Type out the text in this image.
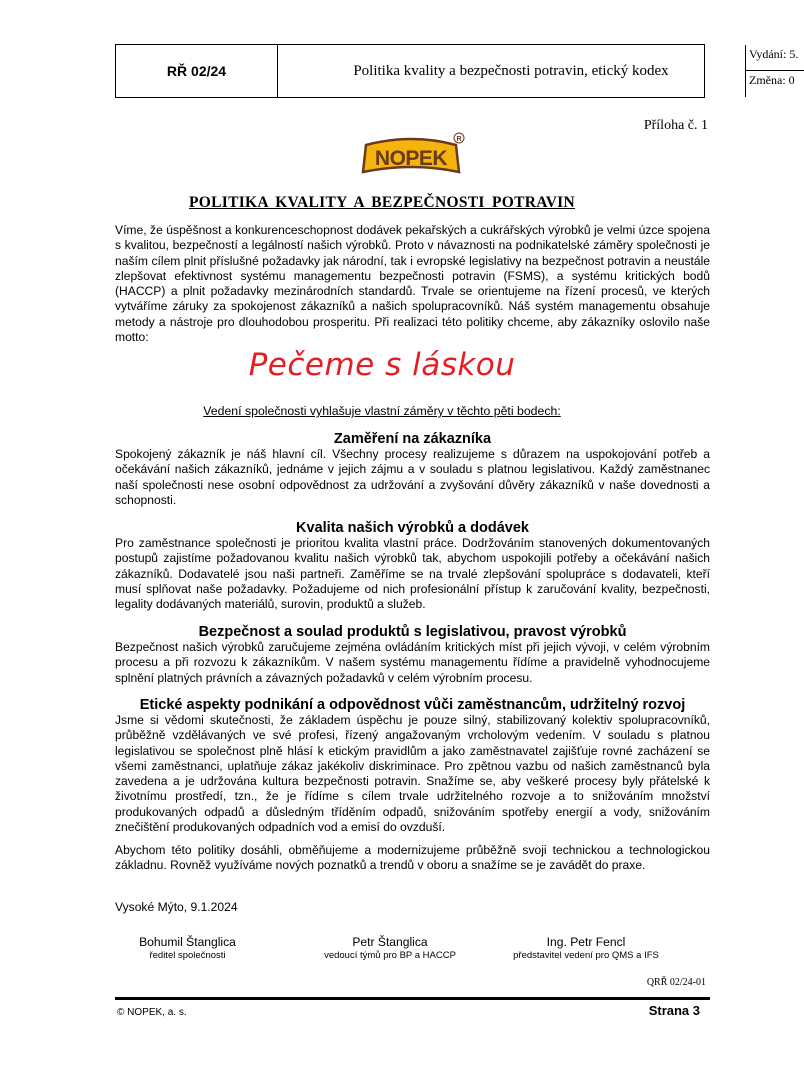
RŘ 02/24	Politika kvality a bezpečnosti potravin, etický kodex
Vydání: 5.
Změna: 0
Příloha č. 1
NOPEK
R
POLITIKA KVALITY A BEZPEČNOSTI POTRAVIN
Víme, že úspěšnost a konkurenceschopnost dodávek pekařských a cukrářských výrobků je velmi úzce spojena s kvalitou, bezpečností a legálností našich výrobků. Proto v návaznosti na podnikatelské záměry společnosti je naším cílem plnit příslušné požadavky jak národní, tak i evropské legislativy na bezpečnost potravin a neustále zlepšovat efektivnost systému managementu bezpečnosti potravin (FSMS), a systému kritických bodů (HACCP) a plnit požadavky mezinárodních standardů. Trvale se orientujeme na řízení procesů, ve kterých vytváříme záruky za spokojenost zákazníků a našich spolupracovníků. Náš systém managementu obsahuje metody a nástroje pro dlouhodobou prosperitu. Při realizaci této politiky chceme, aby zákazníky oslovilo naše motto:
Pečeme s láskou
Vedení společnosti vyhlašuje vlastní záměry v těchto pěti bodech:
Zaměření na zákazníka
Spokojený zákazník je náš hlavní cíl. Všechny procesy realizujeme s důrazem na uspokojování potřeb a očekávání našich zákazníků, jednáme v jejich zájmu a v souladu s platnou legislativou. Každý zaměstnanec naší společnosti nese osobní odpovědnost za udržování a zvyšování důvěry zákazníků v naše dovednosti a schopnosti.
Kvalita našich výrobků a dodávek
Pro zaměstnance společnosti je prioritou kvalita vlastní práce. Dodržováním stanovených dokumentovaných postupů zajistíme požadovanou kvalitu našich výrobků tak, abychom uspokojili potřeby a očekávání našich zákazníků. Dodavatelé jsou naši partneři. Zaměříme se na trvalé zlepšování spolupráce s dodavateli, kteří musí splňovat naše požadavky. Požadujeme od nich profesionální přístup k zaručování kvality, bezpečnosti, legality dodávaných materiálů, surovin, produktů a služeb.
Bezpečnost a soulad produktů s legislativou, pravost výrobků
Bezpečnost našich výrobků zaručujeme zejména ovládáním kritických míst při jejich vývoji, v celém výrobním procesu a při rozvozu k zákazníkům. V našem systému managementu řídíme a pravidelně vyhodnocujeme splnění platných právních a závazných požadavků v celém výrobním procesu.
Etické aspekty podnikání a odpovědnost vůči zaměstnancům, udržitelný rozvoj
Jsme si vědomi skutečnosti, že základem úspěchu je pouze silný, stabilizovaný kolektiv spolupracovníků, průběžně vzdělávaných ve své profesi, řízený angažovaným vrcholovým vedením. V souladu s platnou legislativou se společnost plně hlásí k etickým pravidlům a jako zaměstnavatel zajišťuje rovné zacházení se všemi zaměstnanci, uplatňuje zákaz jakékoliv diskriminace. Pro zpětnou vazbu od našich zaměstnanců byla zavedena a je udržována kultura bezpečnosti potravin. Snažíme se, aby veškeré procesy byly přátelské k životnímu prostředí, tzn., že je řídíme s cílem trvale udržitelného rozvoje a to snižováním množství produkovaných odpadů a důsledným tříděním odpadů, snižováním spotřeby energií a vody, snižováním znečištění produkovaných odpadních vod a emisí do ovzduší.
Abychom této politiky dosáhli, obměňujeme a modernizujeme průběžně svoji technickou a technologickou základnu. Rovněž využíváme nových poznatků a trendů v oboru a snažíme se je zavádět do praxe.
Vysoké Mýto, 9.1.2024
Bohumil Štanglica
ředitel společnosti
Petr Štanglica
vedoucí týmů pro BP a HACCP
Ing. Petr Fencl
představitel vedení pro QMS a IFS
QRŘ 02/24-01
© NOPEK, a. s.	Strana 3
